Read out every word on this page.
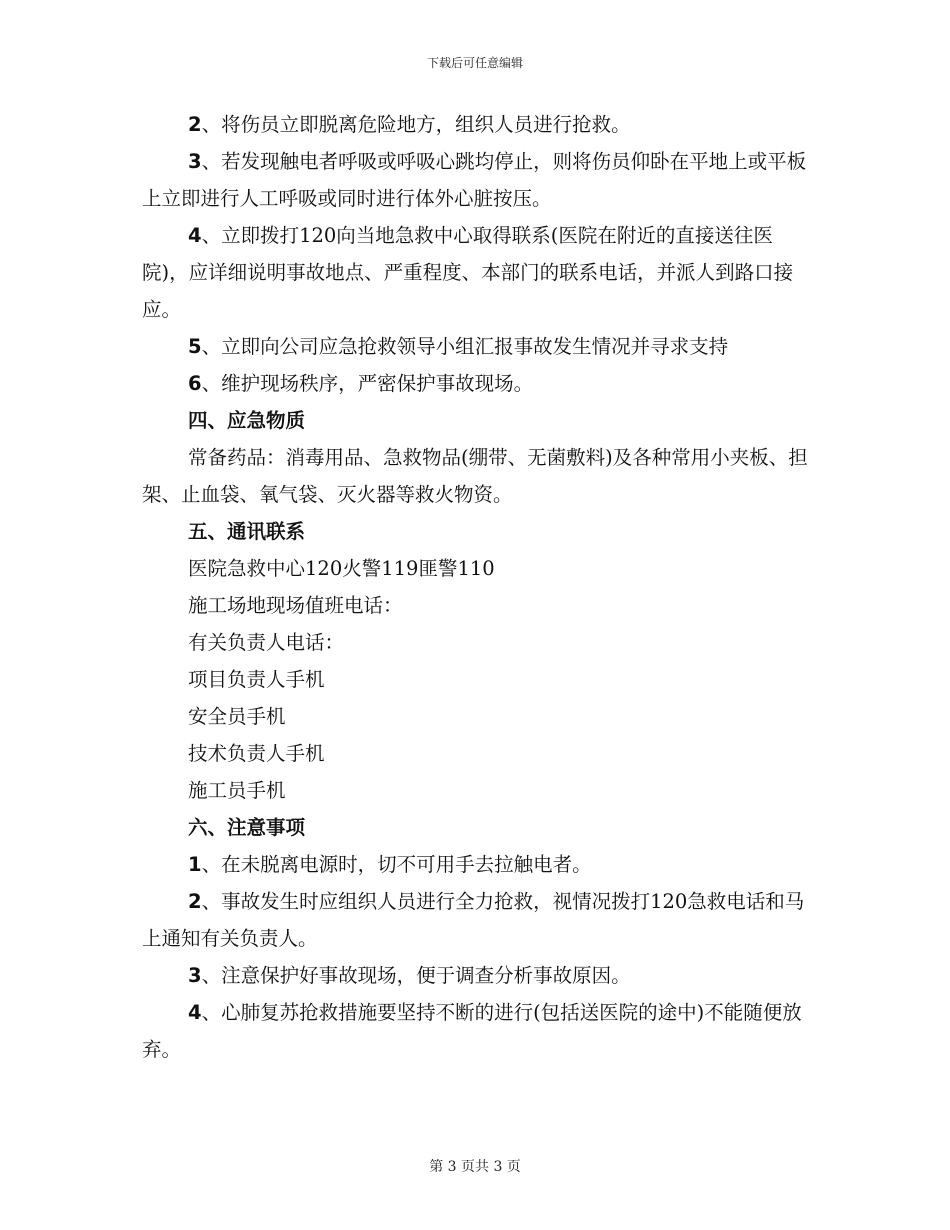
下载后可任意编辑

2、将伤员立即脱离危险地方，组织人员进行抢救。

3、若发现触电者呼吸或呼吸心跳均停止，则将伤员仰卧在平地上或平板上立即进行人工呼吸或同时进行体外心脏按压。

4、立即拨打120向当地急救中心取得联系(医院在附近的直接送往医院)，应详细说明事故地点、严重程度、本部门的联系电话，并派人到路口接应。

5、立即向公司应急抢救领导小组汇报事故发生情况并寻求支持

6、维护现场秩序，严密保护事故现场。

四、应急物质

常备药品：消毒用品、急救物品(绷带、无菌敷料)及各种常用小夹板、担架、止血袋、氧气袋、灭火器等救火物资。

五、通讯联系

医院急救中心120火警119匪警110

施工场地现场值班电话：

有关负责人电话：

项目负责人手机

安全员手机

技术负责人手机

施工员手机

六、注意事项

1、在未脱离电源时，切不可用手去拉触电者。

2、事故发生时应组织人员进行全力抢救，视情况拨打120急救电话和马上通知有关负责人。

3、注意保护好事故现场，便于调查分析事故原因。

4、心肺复苏抢救措施要坚持不断的进行(包括送医院的途中)不能随便放弃。

第 3 页共 3 页
